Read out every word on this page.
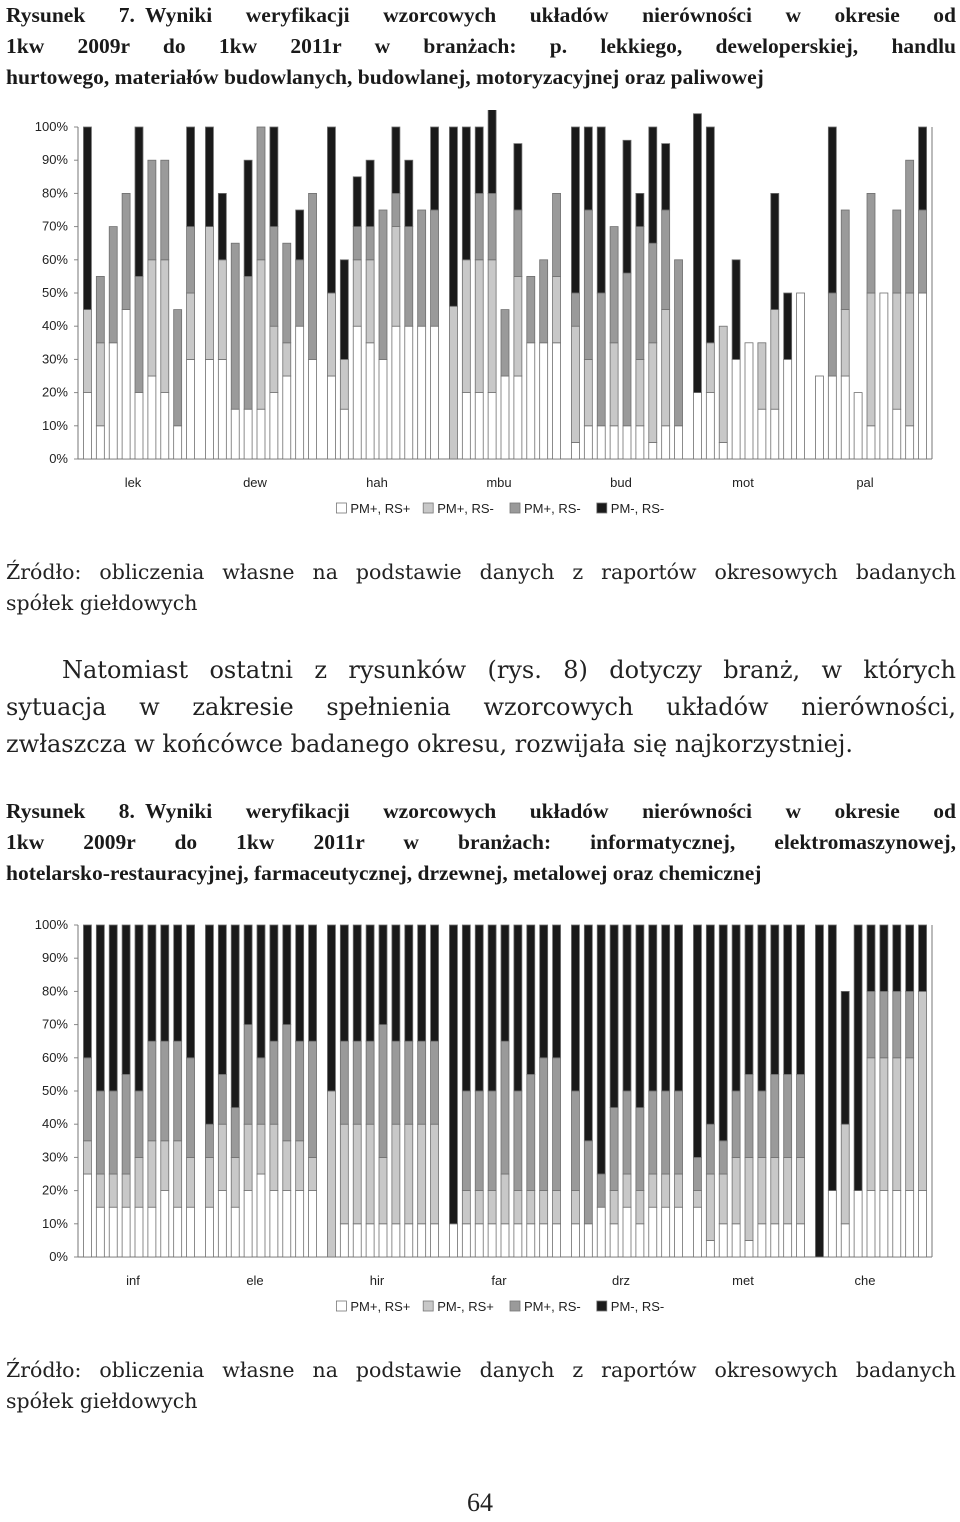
Rysunek 7. Wyniki weryfikacji wzorcowych układów nierówności w okresie od
1kw 2009r do 1kw 2011r w branżach: p. lekkiego, deweloperskiej, handlu
hurtowego, materiałów budowlanych, budowlanej, motoryzacyjnej oraz paliwowej
0%
10%
20%
30%
40%
50%
60%
70%
80%
90%
100%
lek	dew	hah	mbu	bud	mot	pal
PM+, RS+ PM+, RS- PM+, RS- PM-, RS-
Źródło: obliczenia własne na podstawie danych z raportów okresowych badanych
spółek giełdowych
Natomiast ostatni z rysunków (rys. 8) dotyczy branż, w których
sytuacja w zakresie spełnienia wzorcowych układów nierówności,
zwłaszcza w końcówce badanego okresu, rozwijała się najkorzystniej.
Rysunek 8. Wyniki weryfikacji wzorcowych układów nierówności w okresie od
1kw 2009r do 1kw 2011r w branżach: informatycznej, elektromaszynowej,
hotelarsko-restauracyjnej, farmaceutycznej, drzewnej, metalowej oraz chemicznej
0%
10%
20%
30%
40%
50%
60%
70%
80%
90%
100%
inf	ele	hir	far	drz	met	che
PM+, RS+ PM-, RS+ PM+, RS- PM-, RS-
Źródło: obliczenia własne na podstawie danych z raportów okresowych badanych
spółek giełdowych
64
